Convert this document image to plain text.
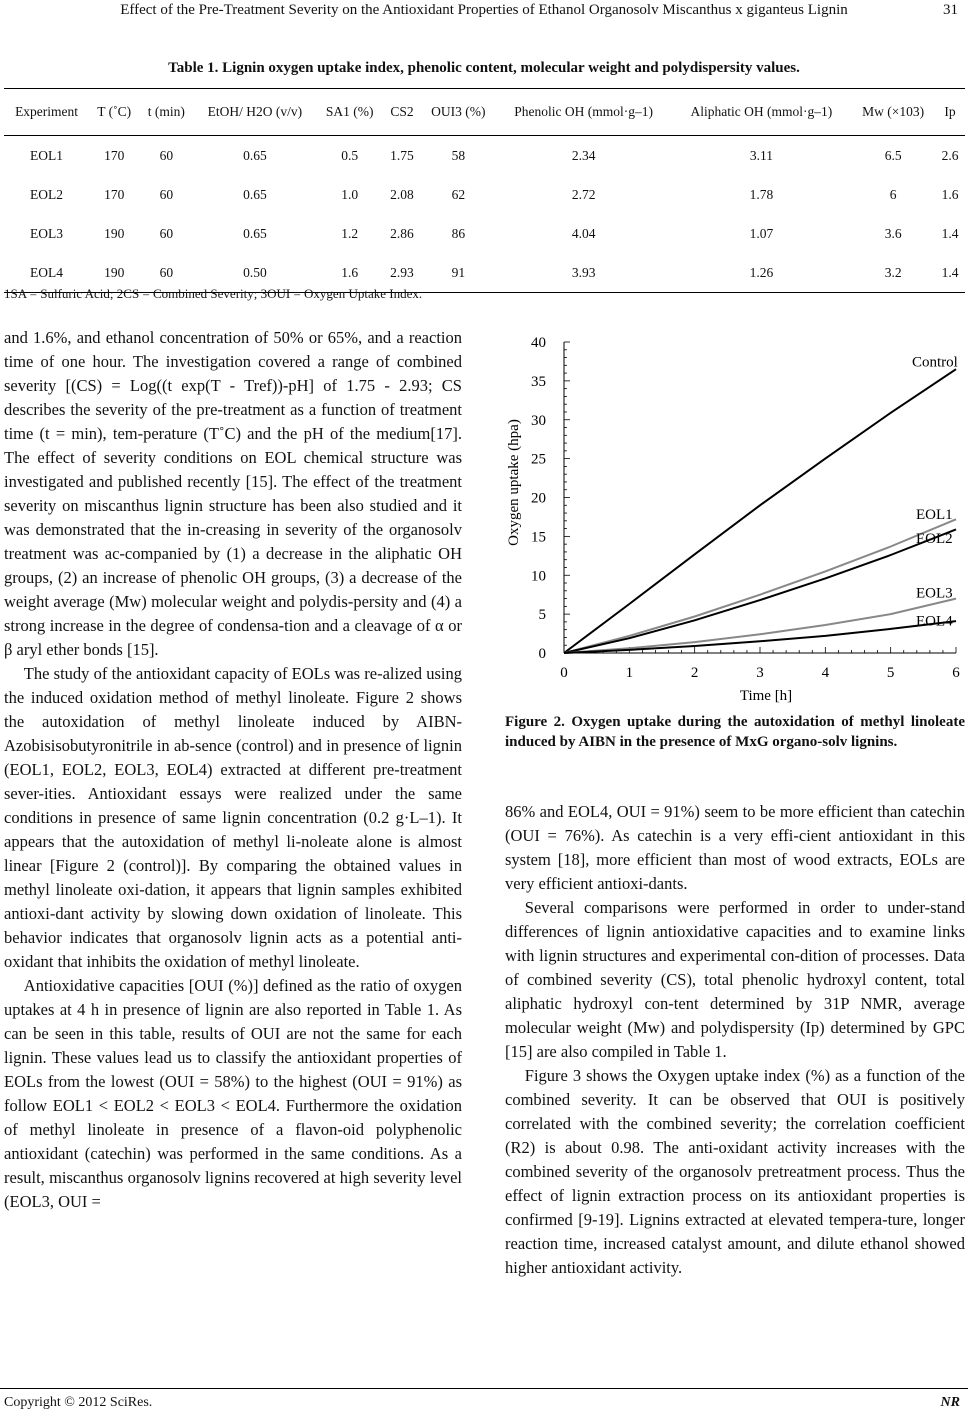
Effect of the Pre-Treatment Severity on the Antioxidant Properties of Ethanol Organosolv Miscanthus x giganteus Lignin	31
Table 1. Lignin oxygen uptake index, phenolic content, molecular weight and polydispersity values.
Experiment	T (˚C)	t (min)	EtOH/ H2O (v/v)	SA1 (%)	CS2	OUI3 (%)	Phenolic OH (mmol·g–1)	Aliphatic OH (mmol·g–1)	Mw (×103)	Ip
EOL1	170	60	0.65	0.5	1.75	58	2.34	3.11	6.5	2.6
EOL2	170	60	0.65	1.0	2.08	62	2.72	1.78	6	1.6
EOL3	190	60	0.65	1.2	2.86	86	4.04	1.07	3.6	1.4
EOL4	190	60	0.50	1.6	2.93	91	3.93	1.26	3.2	1.4
1SA = Sulfuric Acid; 2CS = Combined Severity; 3OUI = Oxygen Uptake Index.

and 1.6%, and ethanol concentration of 50% or 65%, and a reaction time of one hour. The investigation covered a range of combined severity [(CS) = Log((t exp(T - Tref))-pH] of 1.75 - 2.93; CS describes the severity of the pre-treatment as a function of treatment time (t = min), tem-perature (T˚C) and the pH of the medium[17]. The effect of severity conditions on EOL chemical structure was investigated and published recently [15]. The effect of the treatment severity on miscanthus lignin structure has been also studied and it was demonstrated that the in-creasing in severity of the organosolv treatment was ac-companied by (1) a decrease in the aliphatic OH groups, (2) an increase of phenolic OH groups, (3) a decrease of the weight average (Mw) molecular weight and polydis-persity and (4) a strong increase in the degree of condensa-tion and a cleavage of α or β aryl ether bonds [15].

The study of the antioxidant capacity of EOLs was re-alized using the induced oxidation method of methyl linoleate. Figure 2 shows the autoxidation of methyl linoleate induced by AIBN-Azobisisobutyronitrile in ab-sence (control) and in presence of lignin (EOL1, EOL2, EOL3, EOL4) extracted at different pre-treatment sever-ities. Antioxidant essays were realized under the same conditions in presence of same lignin concentration (0.2 g·L–1). It appears that the autoxidation of methyl li-noleate alone is almost linear [Figure 2 (control)]. By comparing the obtained values in methyl linoleate oxi-dation, it appears that lignin samples exhibited antioxi-dant activity by slowing down oxidation of linoleate. This behavior indicates that organosolv lignin acts as a potential anti-oxidant that inhibits the oxidation of methyl linoleate.

Antioxidative capacities [OUI (%)] defined as the ratio of oxygen uptakes at 4 h in presence of lignin are also reported in Table 1. As can be seen in this table, results of OUI are not the same for each lignin. These values lead us to classify the antioxidant properties of EOLs from the lowest (OUI = 58%) to the highest (OUI = 91%) as follow EOL1 < EOL2 < EOL3 < EOL4. Furthermore the oxidation of methyl linoleate in presence of a flavon-oid polyphenolic antioxidant (catechin) was performed in the same conditions. As a result, miscanthus organosolv lignins recovered at high severity level (EOL3, OUI =

0
5
10
15
20
25
30
35
40
0	1	2	3	4	5	6
Time [h]
Oxygen uptake (hpa)
Control
EOL1
EOL2
EOL3
EOL4
Figure 2. Oxygen uptake during the autoxidation of methyl linoleate induced by AIBN in the presence of MxG organo-solv lignins.

86% and EOL4, OUI = 91%) seem to be more efficient than catechin (OUI = 76%). As catechin is a very effi-cient antioxidant in this system [18], more efficient than most of wood extracts, EOLs are very efficient antioxi-dants.

Several comparisons were performed in order to under-stand differences of lignin antioxidative capacities and to examine links with lignin structures and experimental con-dition of processes. Data of combined severity (CS), total phenolic hydroxyl content, total aliphatic hydroxyl con-tent determined by 31P NMR, average molecular weight (Mw) and polydispersity (Ip) determined by GPC [15] are also compiled in Table 1.

Figure 3 shows the Oxygen uptake index (%) as a function of the combined severity. It can be observed that OUI is positively correlated with the combined severity; the correlation coefficient (R2) is about 0.98. The anti-oxidant activity increases with the combined severity of the organosolv pretreatment process. Thus the effect of lignin extraction process on its antioxidant properties is confirmed [9-19]. Lignins extracted at elevated tempera-ture, longer reaction time, increased catalyst amount, and dilute ethanol showed higher antioxidant activity.

Copyright © 2012 SciRes.	NR
